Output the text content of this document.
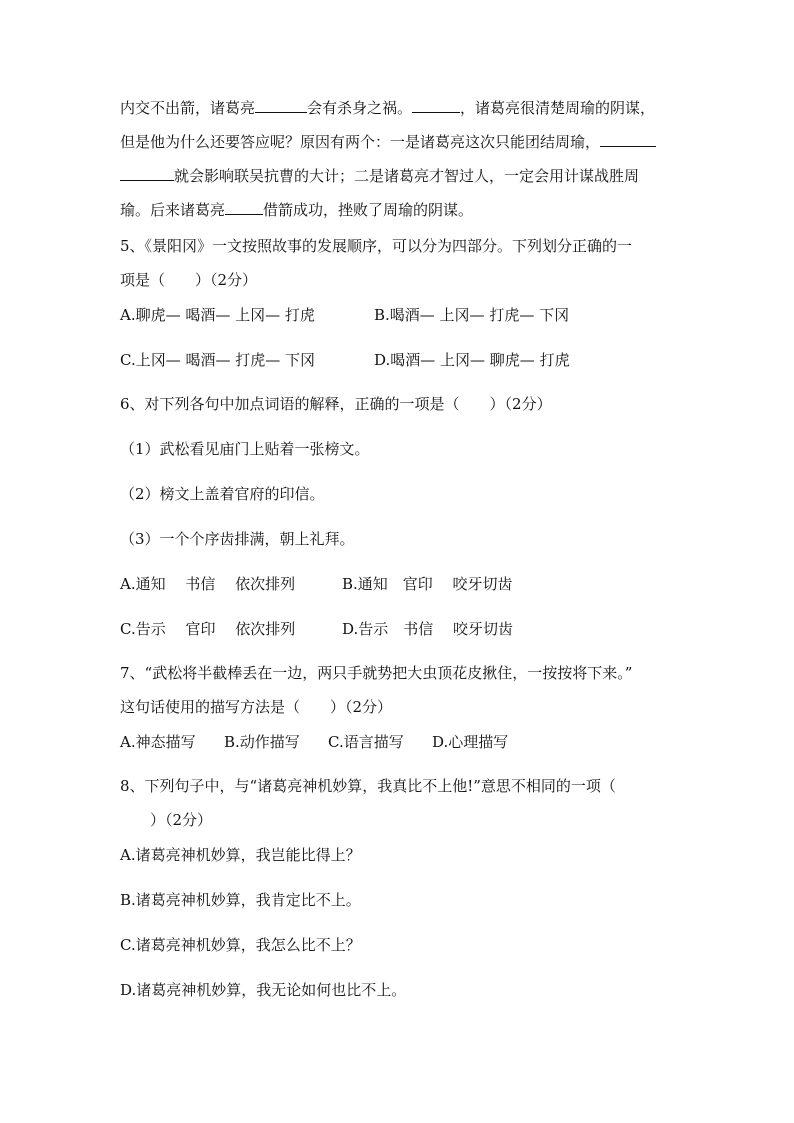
内交不出箭，诸葛亮	会有杀身之祸。	，诸葛亮很清楚周瑜的阴谋，
但是他为什么还要答应呢？原因有两个：一是诸葛亮这次只能团结周瑜，
就会影响联吴抗曹的大计；二是诸葛亮才智过人，一定会用计谋战胜周
瑜。后来诸葛亮	借箭成功，挫败了周瑜的阴谋。
5、《景阳冈》一文按照故事的发展顺序，可以分为四部分。下列划分正确的一
项是（　　）（2分）
A.聊虎— 喝酒— 上冈— 打虎	B.喝酒— 上冈— 打虎— 下冈
C.上冈— 喝酒— 打虎— 下冈	D.喝酒— 上冈— 聊虎— 打虎
6、对下列各句中加点词语的解释，正确的一项是（　　）（2分）
（1）武松看见庙门上贴着一张榜文。
（2）榜文上盖着官府的印信。
（3）一个个序齿排满，朝上礼拜。
A.通知　 书信　 依次排列	B.通知　官印　 咬牙切齿
C.告示　 官印　 依次排列	D.告示　书信　 咬牙切齿
7、“武松将半截棒丢在一边，两只手就势把大虫顶花皮揪住，一按按将下来。”
这句话使用的描写方法是（　　）（2分）
A.神态描写	B.动作描写	C.语言描写	D.心理描写
8、下列句子中，与“诸葛亮神机妙算，我真比不上他!”意思不相同的一项（
）（2分）
A.诸葛亮神机妙算，我岂能比得上？
B.诸葛亮神机妙算，我肯定比不上。
C.诸葛亮神机妙算，我怎么比不上？
D.诸葛亮神机妙算，我无论如何也比不上。
